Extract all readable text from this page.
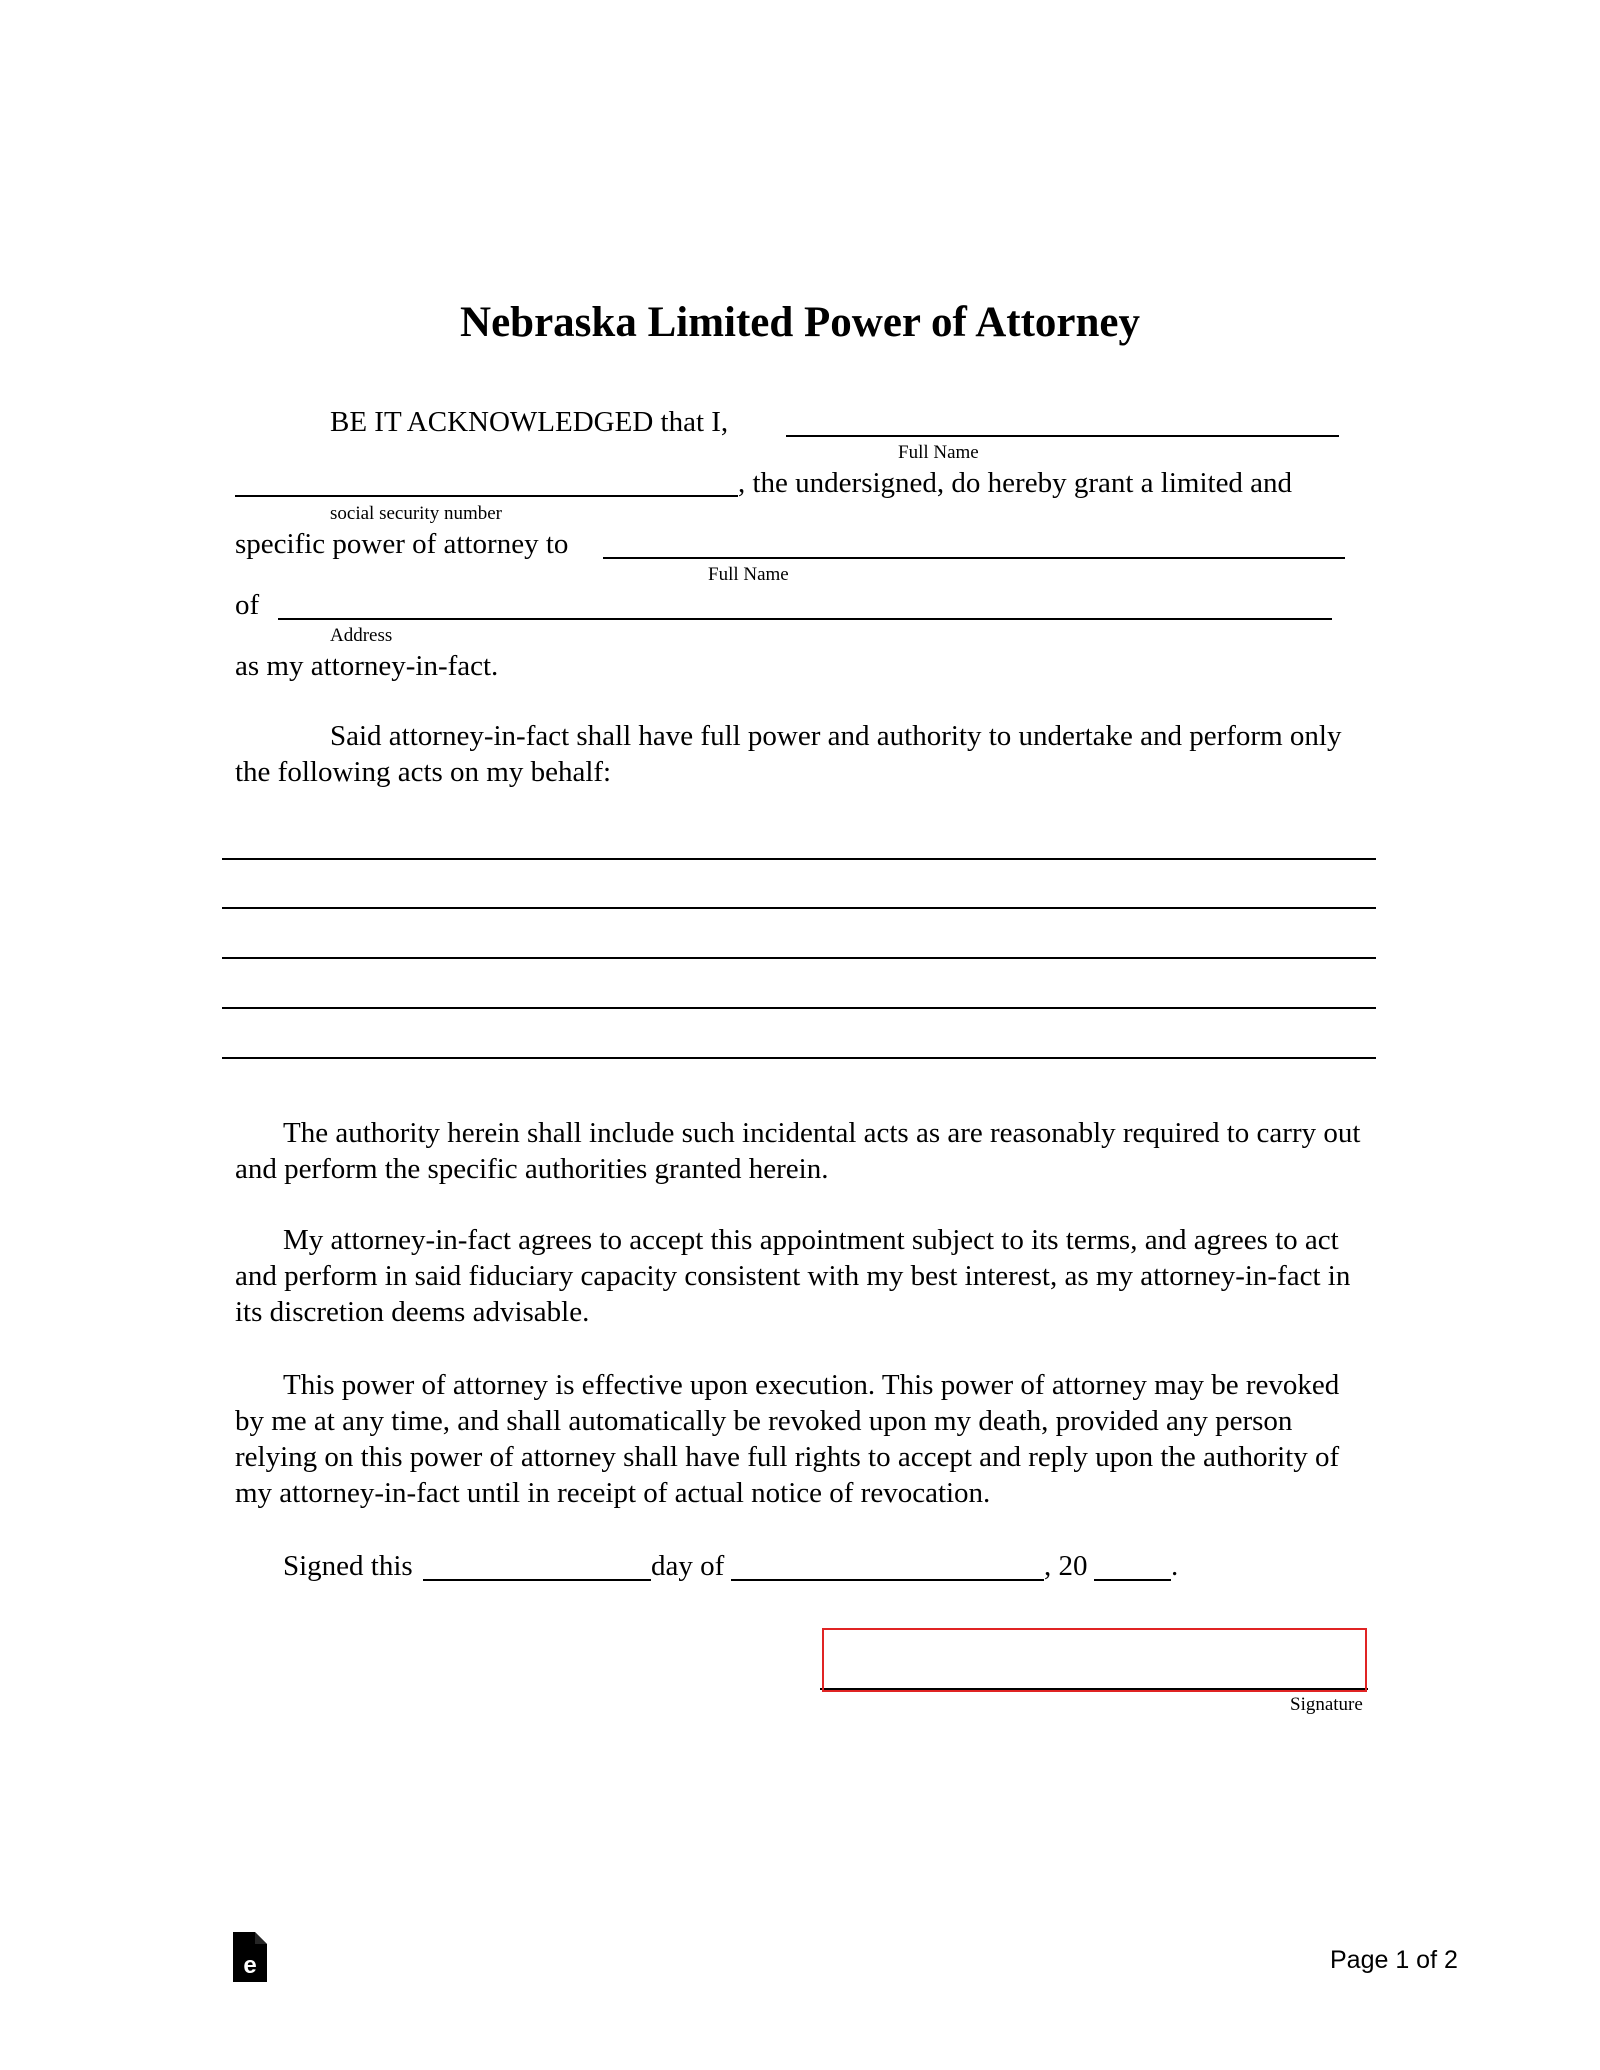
Nebraska Limited Power of Attorney
BE IT ACKNOWLEDGED that I,
Full Name
, the undersigned, do hereby grant a limited and
social security number
specific power of attorney to
Full Name
of
Address
as my attorney-in-fact.
Said attorney-in-fact shall have full power and authority to undertake and perform only the following acts on my behalf:
The authority herein shall include such incidental acts as are reasonably required to carry out and perform the specific authorities granted herein.
My attorney-in-fact agrees to accept this appointment subject to its terms, and agrees to act and perform in said fiduciary capacity consistent with my best interest, as my attorney-in-fact in its discretion deems advisable.
This power of attorney is effective upon execution. This power of attorney may be revoked by me at any time, and shall automatically be revoked upon my death, provided any person relying on this power of attorney shall have full rights to accept and reply upon the authority of my attorney-in-fact until in receipt of actual notice of revocation.
Signed this	day of	, 20	.
Signature
e	Page 1 of 2
